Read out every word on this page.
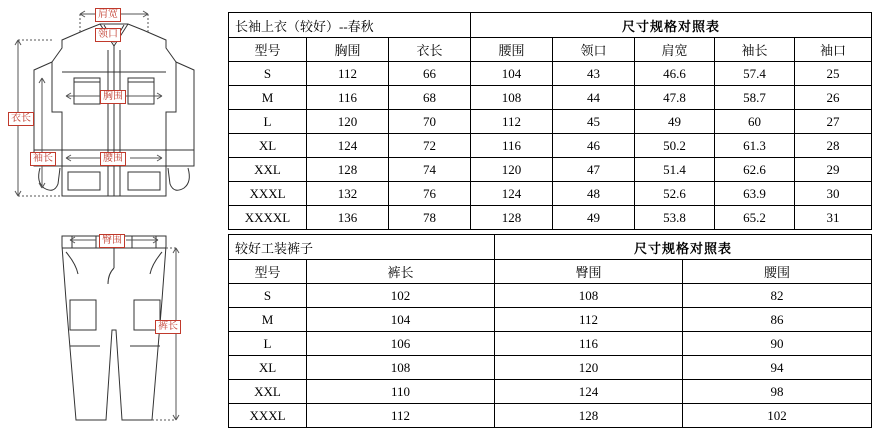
肩宽
领口
胸围
腰围
衣长
袖长
臀围
裤长
长袖上衣（较好）--春秋			尺寸规格对照表				
型号	胸围	衣长	腰围	领口	肩宽	袖长	袖口
S	112	66	104	43	46.6	57.4	25
M	116	68	108	44	47.8	58.7	26
L	120	70	112	45	49	60	27
XL	124	72	116	46	50.2	61.3	28
XXL	128	74	120	47	51.4	62.6	29
XXXL	132	76	124	48	52.6	63.9	30
XXXXL	136	78	128	49	53.8	65.2	31
较好工装裤子		尺寸规格对照表	
型号	裤长	臀围	腰围
S	102	108	82
M	104	112	86
L	106	116	90
XL	108	120	94
XXL	110	124	98
XXXL	112	128	102
